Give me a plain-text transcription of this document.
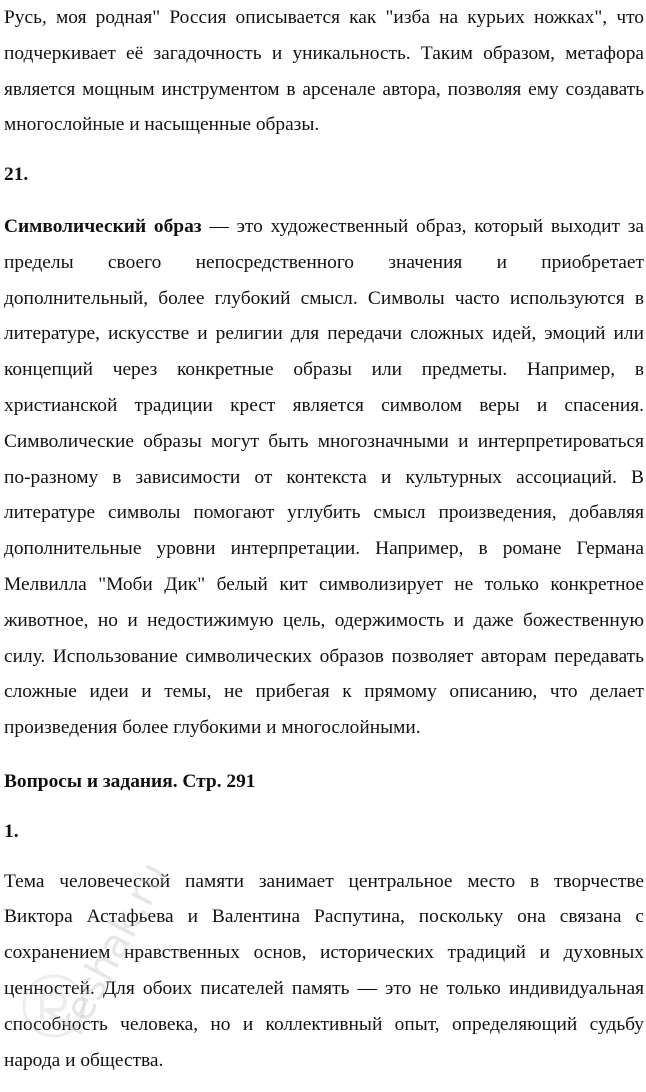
Русь, моя родная" Россия описывается как "изба на курьих ножках", что подчеркивает её загадочность и уникальность. Таким образом, метафора является мощным инструментом в арсенале автора, позволяя ему создавать многослойные и насыщенные образы.

21.

Символический образ — это художественный образ, который выходит за пределы своего непосредственного значения и приобретает дополнительный, более глубокий смысл. Символы часто используются в литературе, искусстве и религии для передачи сложных идей, эмоций или концепций через конкретные образы или предметы. Например, в христианской традиции крест является символом веры и спасения. Символические образы могут быть многозначными и интерпретироваться по-разному в зависимости от контекста и культурных ассоциаций. В литературе символы помогают углубить смысл произведения, добавляя дополнительные уровни интерпретации. Например, в романе Германа Мелвилла "Моби Дик" белый кит символизирует не только конкретное животное, но и недостижимую цель, одержимость и даже божественную силу. Использование символических образов позволяет авторам передавать сложные идеи и темы, не прибегая к прямому описанию, что делает произведения более глубокими и многослойными.

Вопросы и задания. Стр. 291

1.

Тема человеческой памяти занимает центральное место в творчестве Виктора Астафьева и Валентина Распутина, поскольку она связана с сохранением нравственных основ, исторических традиций и духовных ценностей. Для обоих писателей память — это не только индивидуальная способность человека, но и коллективный опыт, определяющий судьбу народа и общества.

reshak.ru
